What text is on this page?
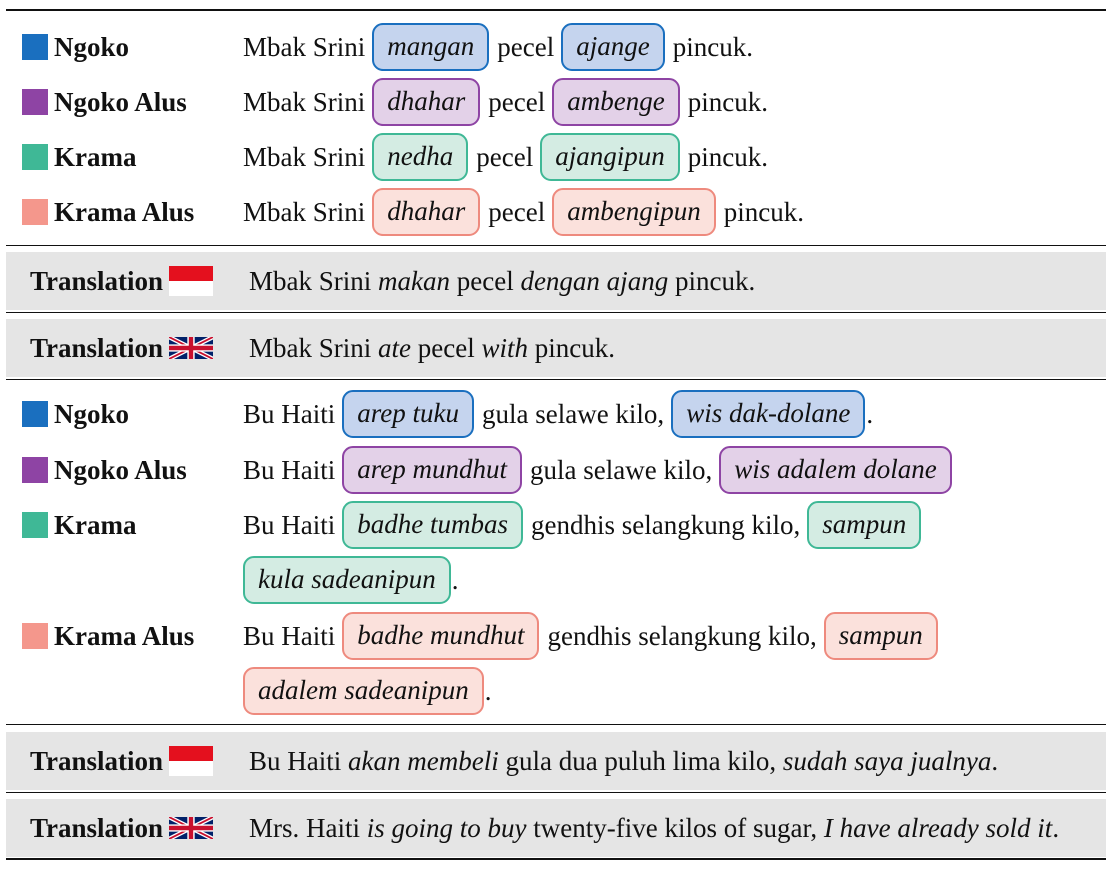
Ngoko	Mbak Srini mangan pecel ajange pincuk.
Ngoko Alus Mbak Srini dhahar pecel ambenge pincuk.
Krama	Mbak Srini nedha pecel ajangipun pincuk.
Krama Alus Mbak Srini dhahar pecel ambengipun pincuk.
Translation	Mbak Srini makan pecel dengan ajang pincuk.
Translation	Mbak Srini ate pecel with pincuk.
Ngoko	Bu Haiti arep tuku gula selawe kilo, wis dak-dolane .
Ngoko Alus Bu Haiti arep mundhut gula selawe kilo, wis adalem dolane
Krama	Bu Haiti badhe tumbas gendhis selangkung kilo, sampun
kula sadeanipun .
Krama Alus Bu Haiti badhe mundhut gendhis selangkung kilo, sampun
adalem sadeanipun .
Translation	Bu Haiti akan membeli gula dua puluh lima kilo, sudah saya jualnya .
Translation	Mrs. Haiti is going to buy twenty-five kilos of sugar, I have already sold it .
